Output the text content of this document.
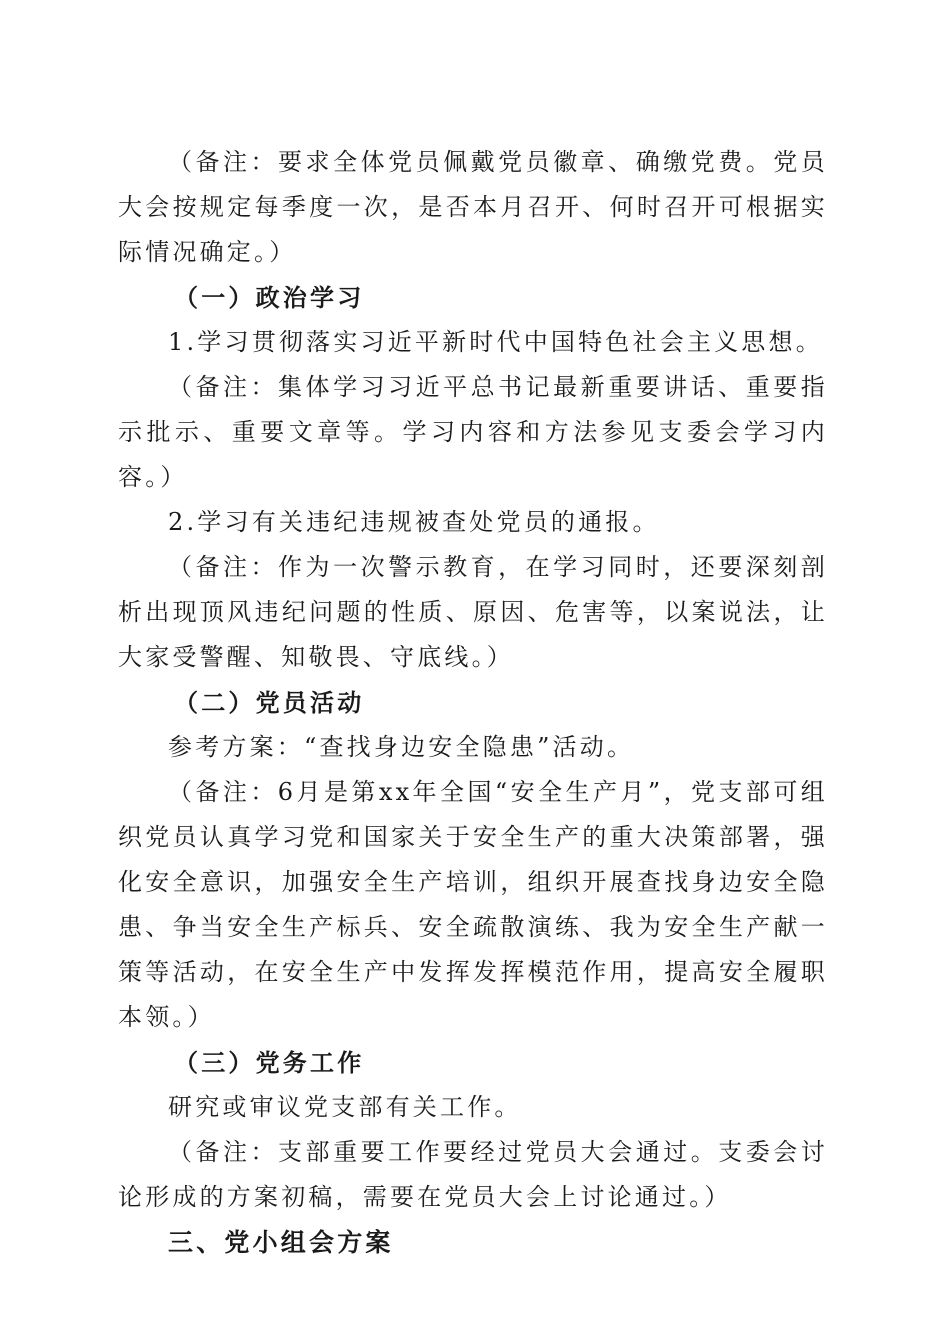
（备注：要求全体党员佩戴党员徽章、确缴党费。党员大会按规定每季度一次，是否本月召开、何时召开可根据实际情况确定。）

（一）政治学习

1.学习贯彻落实习近平新时代中国特色社会主义思想。

（备注：集体学习习近平总书记最新重要讲话、重要指示批示、重要文章等。学习内容和方法参见支委会学习内容。）

2.学习有关违纪违规被查处党员的通报。

（备注：作为一次警示教育，在学习同时，还要深刻剖析出现顶风违纪问题的性质、原因、危害等，以案说法，让大家受警醒、知敬畏、守底线。）

（二）党员活动

参考方案：“查找身边安全隐患”活动。

（备注：6月是第xx年全国“安全生产月”，党支部可组织党员认真学习党和国家关于安全生产的重大决策部署，强化安全意识，加强安全生产培训，组织开展查找身边安全隐患、争当安全生产标兵、安全疏散演练、我为安全生产献一策等活动，在安全生产中发挥发挥模范作用，提高安全履职本领。）

（三）党务工作

研究或审议党支部有关工作。

（备注：支部重要工作要经过党员大会通过。支委会讨论形成的方案初稿，需要在党员大会上讨论通过。）

三、党小组会方案
